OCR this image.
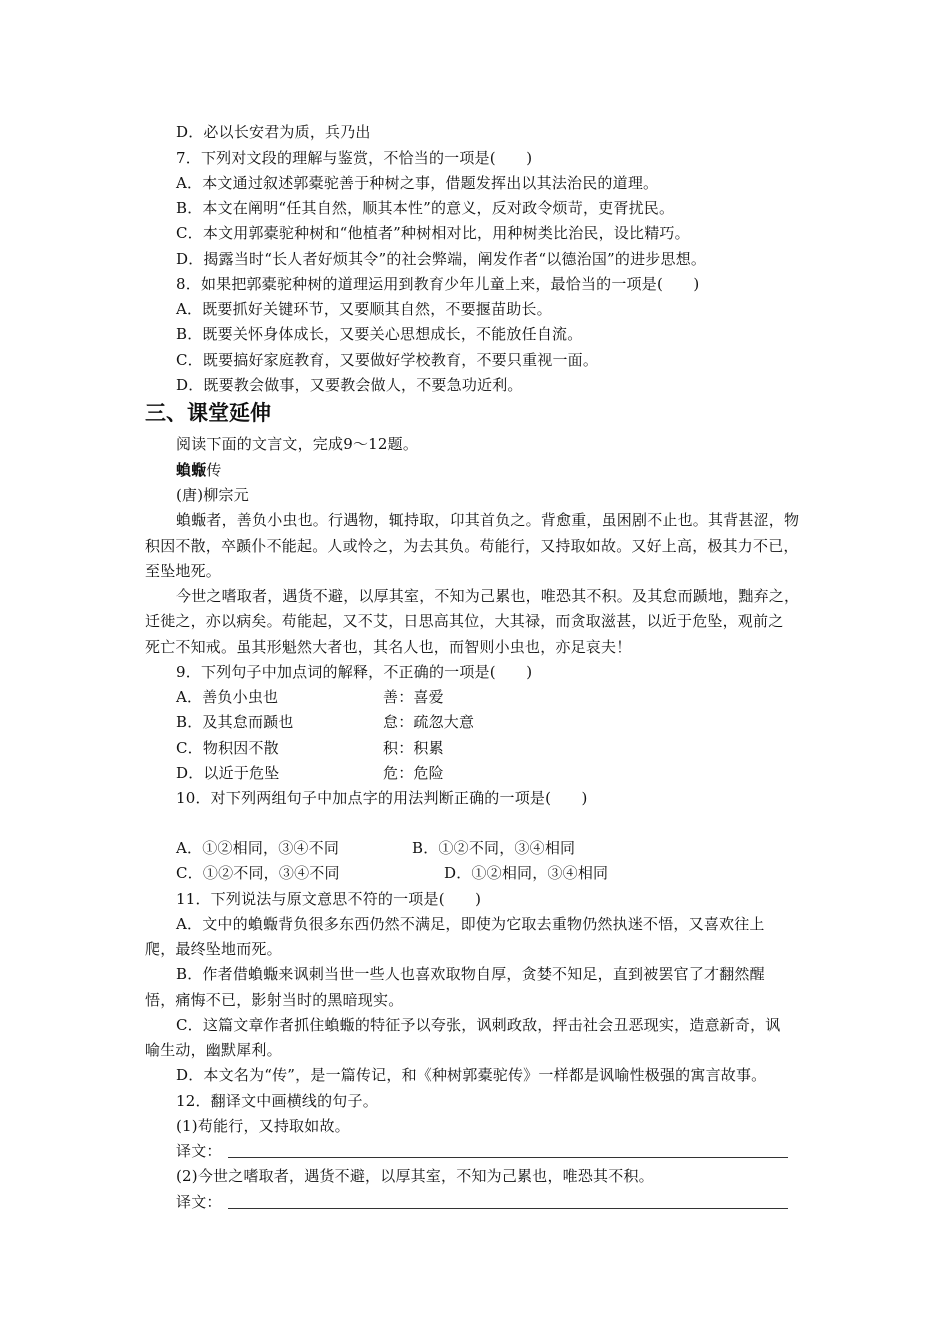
D．必以长安君为质，兵乃出
7．下列对文段的理解与鉴赏，不恰当的一项是(　　)
A．本文通过叙述郭橐驼善于种树之事，借题发挥出以其法治民的道理。
B．本文在阐明“任其自然，顺其本性”的意义，反对政令烦苛，吏胥扰民。
C．本文用郭橐驼种树和“他植者”种树相对比，用种树类比治民，设比精巧。
D．揭露当时“长人者好烦其令”的社会弊端，阐发作者“以德治国”的进步思想。
8．如果把郭橐驼种树的道理运用到教育少年儿童上来，最恰当的一项是(　　)
A．既要抓好关键环节，又要顺其自然，不要揠苗助长。
B．既要关怀身体成长，又要关心思想成长，不能放任自流。
C．既要搞好家庭教育，又要做好学校教育，不要只重视一面。
D．既要教会做事，又要教会做人，不要急功近利。
三、课堂延伸
阅读下面的文言文，完成9～12题。
蝜蝂传
(唐)柳宗元
蝜蝂者，善负小虫也。行遇物，辄持取，卬其首负之。背愈重，虽困剧不止也。其背甚涩，物
积因不散，卒踬仆不能起。人或怜之，为去其负。苟能行，又持取如故。又好上高，极其力不已，
至坠地死。
今世之嗜取者，遇货不避，以厚其室，不知为己累也，唯恐其不积。及其怠而踬地，黜弃之，
迁徙之，亦以病矣。苟能起，又不艾，日思高其位，大其禄，而贪取滋甚，以近于危坠，观前之
死亡不知戒。虽其形魁然大者也，其名人也，而智则小虫也，亦足哀夫！
9．下列句子中加点词的解释，不正确的一项是(　　)
A．善负小虫也	善：喜爱
B．及其怠而踬也	怠：疏忽大意
C．物积因不散	积：积累
D．以近于危坠	危：危险
10．对下列两组句子中加点字的用法判断正确的一项是(　　)
A．①②相同，③④不同	B．①②不同，③④相同
C．①②不同，③④不同	D．①②相同，③④相同
11．下列说法与原文意思不符的一项是(　　)
A．文中的蝜蝂背负很多东西仍然不满足，即使为它取去重物仍然执迷不悟，又喜欢往上
爬，最终坠地而死。
B．作者借蝜蝂来讽刺当世一些人也喜欢取物自厚，贪婪不知足，直到被罢官了才翻然醒
悟，痛悔不已，影射当时的黑暗现实。
C．这篇文章作者抓住蝜蝂的特征予以夸张，讽刺政敌，抨击社会丑恶现实，造意新奇，讽
喻生动，幽默犀利。
D．本文名为“传”，是一篇传记，和《种树郭橐驼传》一样都是讽喻性极强的寓言故事。
12．翻译文中画横线的句子。
(1)苟能行，又持取如故。
译文：
(2)今世之嗜取者，遇货不避，以厚其室，不知为己累也，唯恐其不积。
译文：
